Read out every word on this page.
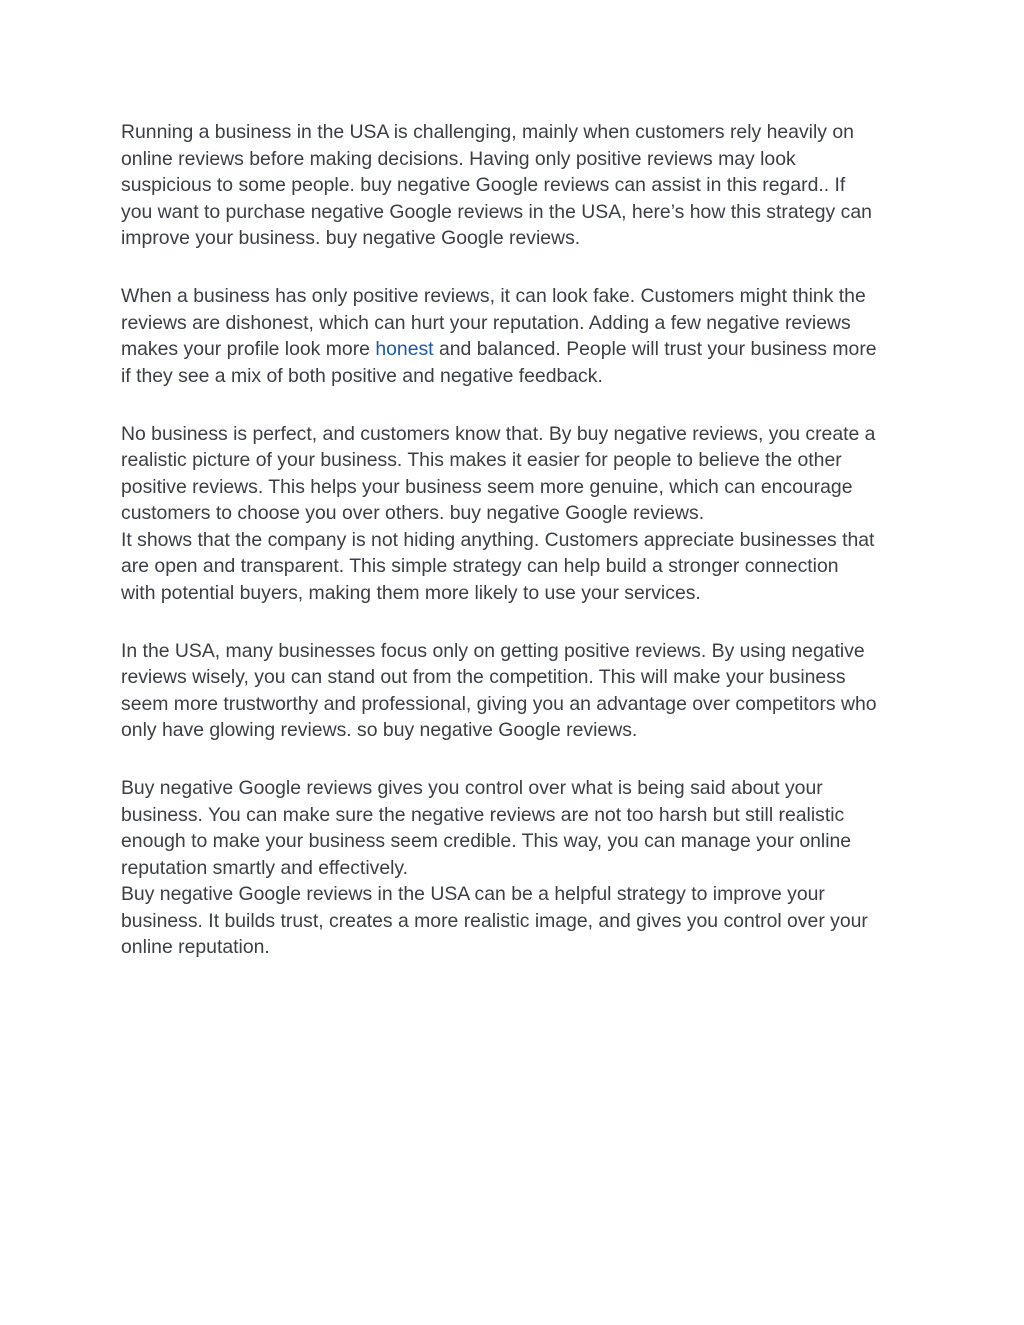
Running a business in the USA is challenging, mainly when customers rely heavily on
online reviews before making decisions. Having only positive reviews may look
suspicious to some people. buy negative Google reviews can assist in this regard.. If
you want to purchase negative Google reviews in the USA, here’s how this strategy can
improve your business. buy negative Google reviews.

When a business has only positive reviews, it can look fake. Customers might think the
reviews are dishonest, which can hurt your reputation. Adding a few negative reviews
makes your profile look more honest and balanced. People will trust your business more
if they see a mix of both positive and negative feedback.

No business is perfect, and customers know that. By buy negative reviews, you create a
realistic picture of your business. This makes it easier for people to believe the other
positive reviews. This helps your business seem more genuine, which can encourage
customers to choose you over others. buy negative Google reviews.
It shows that the company is not hiding anything. Customers appreciate businesses that
are open and transparent. This simple strategy can help build a stronger connection
with potential buyers, making them more likely to use your services.

In the USA, many businesses focus only on getting positive reviews. By using negative
reviews wisely, you can stand out from the competition. This will make your business
seem more trustworthy and professional, giving you an advantage over competitors who
only have glowing reviews. so buy negative Google reviews.

Buy negative Google reviews gives you control over what is being said about your
business. You can make sure the negative reviews are not too harsh but still realistic
enough to make your business seem credible. This way, you can manage your online
reputation smartly and effectively.
Buy negative Google reviews in the USA can be a helpful strategy to improve your
business. It builds trust, creates a more realistic image, and gives you control over your
online reputation.
